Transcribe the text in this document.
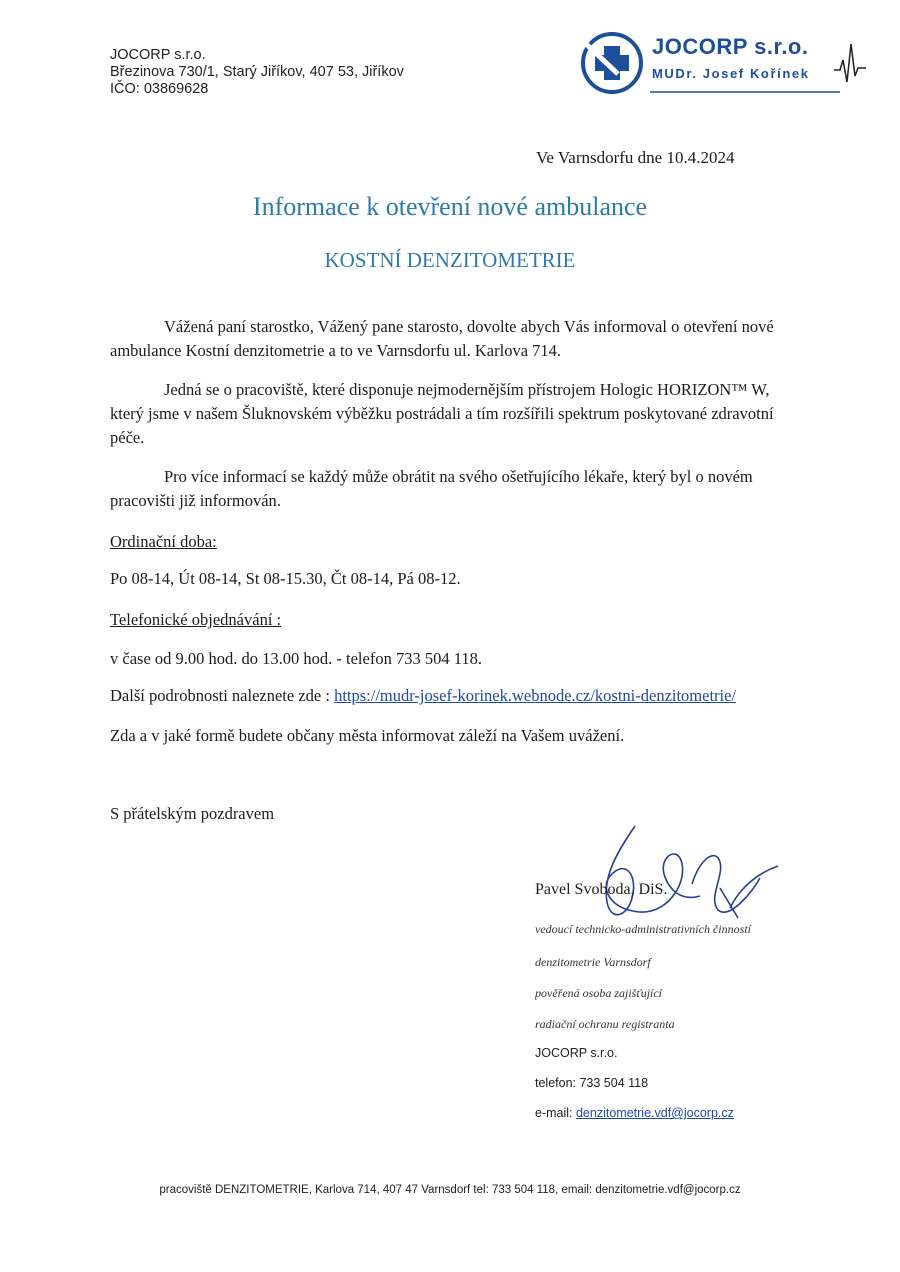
JOCORP s.r.o.
Březinova 730/1, Starý Jiříkov, 407 53, Jiříkov
IČO: 03869628
JOCORP s.r.o.
MUDr. Josef Kořínek
Ve Varnsdorfu dne 10.4.2024
Informace k otevření nové ambulance
KOSTNÍ DENZITOMETRIE
Vážená paní starostko, Vážený pane starosto, dovolte abych Vás informoval o otevření nové ambulance Kostní denzitometrie a to ve Varnsdorfu ul. Karlova 714.
Jedná se o pracoviště, které disponuje nejmodernějším přístrojem Hologic HORIZON™ W, který jsme v našem Šluknovském výběžku postrádali a tím rozšířili spektrum poskytované zdravotní péče.
Pro více informací se každý může obrátit na svého ošetřujícího lékaře, který byl o novém pracovišti již informován.
Ordinační doba:
Po 08-14, Út 08-14, St 08-15.30, Čt 08-14, Pá 08-12.
Telefonické objednávání :
v čase od 9.00 hod. do 13.00 hod. - telefon 733 504 118.
Další podrobnosti naleznete zde : https://mudr-josef-korinek.webnode.cz/kostni-denzitometrie/
Zda a v jaké formě budete občany města informovat záleží na Vašem uvážení.
S přátelským pozdravem
Pavel Svoboda, DiS.
vedoucí technicko-administrativních činností
denzitometrie Varnsdorf
pověřená osoba zajišťující
radiační ochranu registranta
JOCORP s.r.o.
telefon: 733 504 118
e-mail: denzitometrie.vdf@jocorp.cz
pracoviště DENZITOMETRIE, Karlova 714, 407 47 Varnsdorf tel: 733 504 118, email: denzitometrie.vdf@jocorp.cz
